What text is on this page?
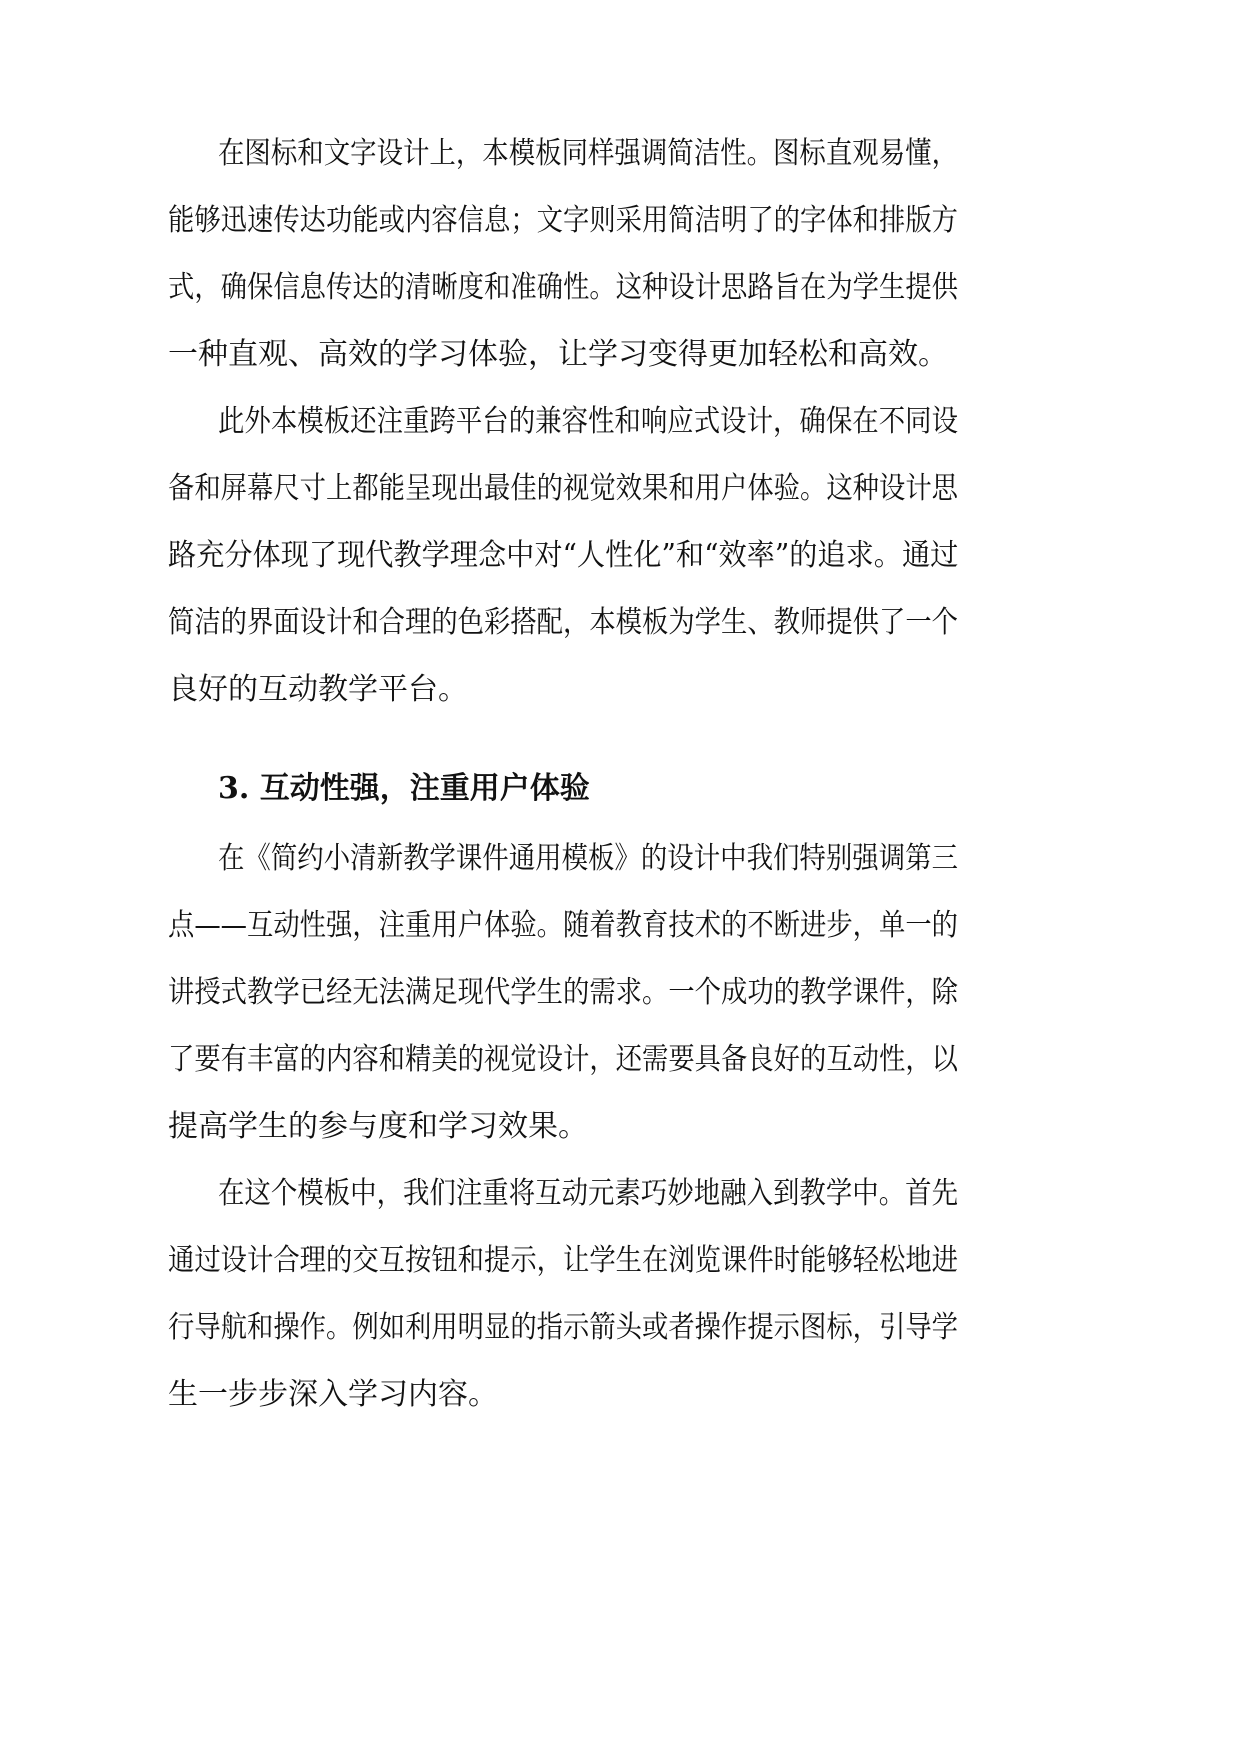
在图标和文字设计上，本模板同样强调简洁性。图标直观易懂，
能够迅速传达功能或内容信息；文字则采用简洁明了的字体和排版方
式，确保信息传达的清晰度和准确性。这种设计思路旨在为学生提供
一种直观、高效的学习体验，让学习变得更加轻松和高效。
此外本模板还注重跨平台的兼容性和响应式设计，确保在不同设
备和屏幕尺寸上都能呈现出最佳的视觉效果和用户体验。这种设计思
路充分体现了现代教学理念中对“人性化”和“效率”的追求。通过
简洁的界面设计和合理的色彩搭配，本模板为学生、教师提供了一个
良好的互动教学平台。
3. 互动性强，注重用户体验
在《简约小清新教学课件通用模板》的设计中我们特别强调第三
点——互动性强，注重用户体验。随着教育技术的不断进步，单一的
讲授式教学已经无法满足现代学生的需求。一个成功的教学课件，除
了要有丰富的内容和精美的视觉设计，还需要具备良好的互动性，以
提高学生的参与度和学习效果。
在这个模板中，我们注重将互动元素巧妙地融入到教学中。首先
通过设计合理的交互按钮和提示，让学生在浏览课件时能够轻松地进
行导航和操作。例如利用明显的指示箭头或者操作提示图标，引导学
生一步步深入学习内容。
